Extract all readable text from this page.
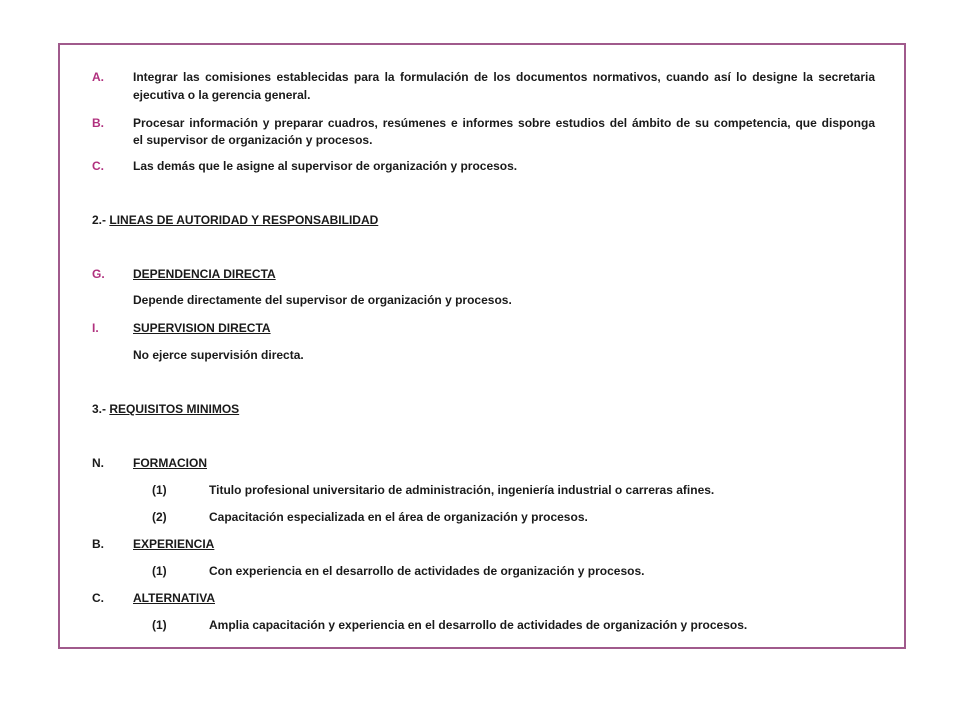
A. Integrar las comisiones establecidas para la formulación de los documentos normativos, cuando así lo designe la secretaria
ejecutiva o la gerencia general.
B. Procesar información y preparar cuadros, resúmenes e informes sobre estudios del ámbito de su competencia, que disponga
el supervisor de organización y procesos.
C. Las demás que le asigne al supervisor de organización y procesos.
2.- LINEAS DE AUTORIDAD Y RESPONSABILIDAD
G. DEPENDENCIA DIRECTA
Depende directamente del supervisor de organización y procesos.
I.	SUPERVISION DIRECTA
No ejerce supervisión directa.
3.- REQUISITOS MINIMOS
N. FORMACION
(1)	Titulo profesional universitario de administración, ingeniería industrial o carreras afines.
(2)	Capacitación especializada en el área de organización y procesos.
B. EXPERIENCIA
(1)	Con experiencia en el desarrollo de actividades de organización y procesos.
C. ALTERNATIVA
(1)	Amplia capacitación y experiencia en el desarrollo de actividades de organización y procesos.
